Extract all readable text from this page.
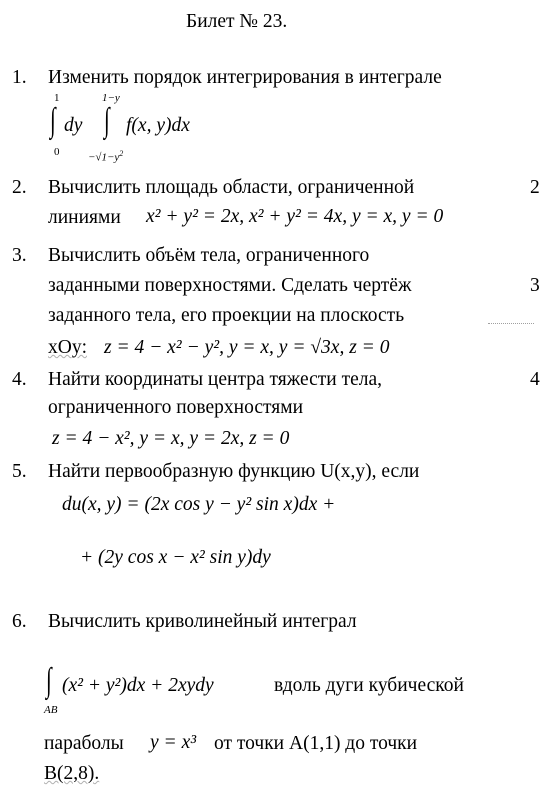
Билет № 23.
1. Изменить порядок интегрирования в интеграле
1
∫
0
dy
1−y
∫
$-√1-y^2$
f(x, y)dx
2. Вычислить площадь области, ограниченной
линиями x² + y² = 2x, x² + y² = 4x, y = x, y = 0
2
3. Вычислить объём тела, ограниченного
заданными поверхностями. Сделать чертёж
заданного тела, его проекции на плоскость
xOy: z = 4 − x² − y², y = x, y = √3x, z = 0
3
4. Найти координаты центра тяжести тела,
ограниченного поверхностями
z = 4 − x², y = x, y = 2x, z = 0
4
5. Найти первообразную функцию U(x,y), если
du(x, y) = (2x cos y − y² sin x)dx +
+ (2y cos x − x² sin y)dy
6. Вычислить криволинейный интеграл
∫
AB
(x² + y²)dx + 2xydy	вдоль дуги кубической
параболы y = x³ от точки A(1,1) до точки
B(2,8).
